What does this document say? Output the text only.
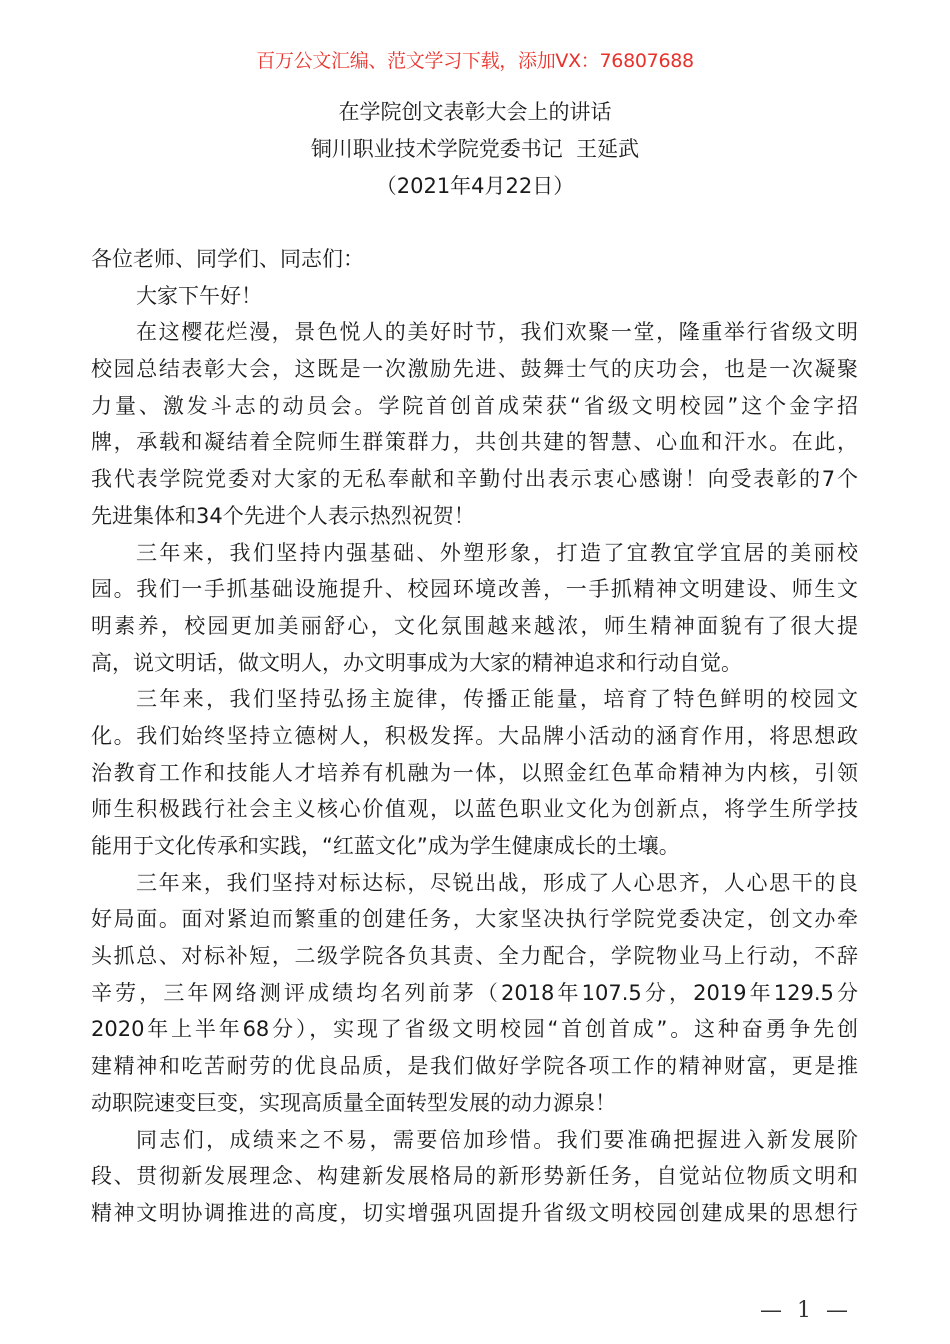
百万公文汇编、范文学习下载，添加VX：76807688
在学院创文表彰大会上的讲话
铜川职业技术学院党委书记  王延武
（2021年4月22日）
各位老师、同学们、同志们：
大家下午好！
在这樱花烂漫，景色悦人的美好时节，我们欢聚一堂，隆重举行省级文明
校园总结表彰大会，这既是一次激励先进、鼓舞士气的庆功会，也是一次凝聚
力量、激发斗志的动员会。学院首创首成荣获“省级文明校园”这个金字招
牌，承载和凝结着全院师生群策群力，共创共建的智慧、心血和汗水。在此，
我代表学院党委对大家的无私奉献和辛勤付出表示衷心感谢！向受表彰的7个
先进集体和34个先进个人表示热烈祝贺！
三年来，我们坚持内强基础、外塑形象，打造了宜教宜学宜居的美丽校
园。我们一手抓基础设施提升、校园环境改善，一手抓精神文明建设、师生文
明素养，校园更加美丽舒心，文化氛围越来越浓，师生精神面貌有了很大提
高，说文明话，做文明人，办文明事成为大家的精神追求和行动自觉。
三年来，我们坚持弘扬主旋律，传播正能量，培育了特色鲜明的校园文
化。我们始终坚持立德树人，积极发挥。大品牌小活动的涵育作用，将思想政
治教育工作和技能人才培养有机融为一体，以照金红色革命精神为内核，引领
师生积极践行社会主义核心价值观，以蓝色职业文化为创新点，将学生所学技
能用于文化传承和实践，“红蓝文化”成为学生健康成长的土壤。
三年来，我们坚持对标达标，尽锐出战，形成了人心思齐，人心思干的良
好局面。面对紧迫而繁重的创建任务，大家坚决执行学院党委决定，创文办牵
头抓总、对标补短，二级学院各负其责、全力配合，学院物业马上行动，不辞
辛劳，三年网络测评成绩均名列前茅（2018年107.5分，2019年129.5分
2020年上半年68分），实现了省级文明校园“首创首成”。这种奋勇争先创
建精神和吃苦耐劳的优良品质，是我们做好学院各项工作的精神财富，更是推
动职院速变巨变，实现高质量全面转型发展的动力源泉！
同志们，成绩来之不易，需要倍加珍惜。我们要准确把握进入新发展阶
段、贯彻新发展理念、构建新发展格局的新形势新任务，自觉站位物质文明和
精神文明协调推进的高度，切实增强巩固提升省级文明校园创建成果的思想行
— 1 —
